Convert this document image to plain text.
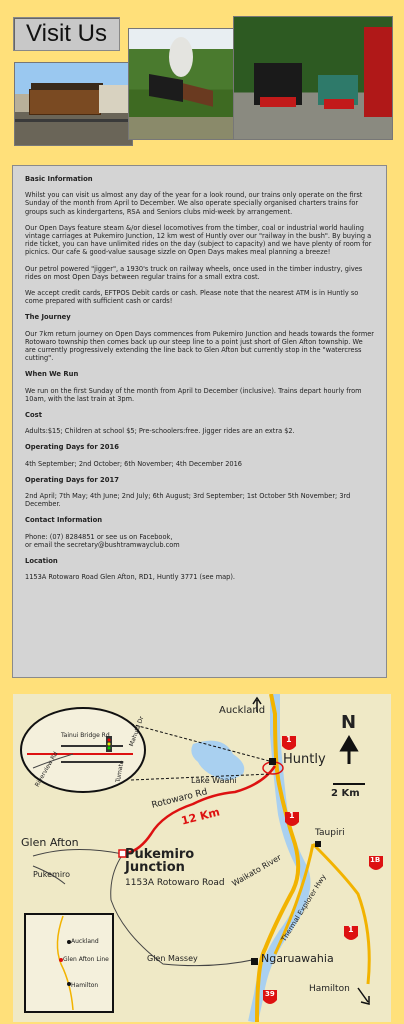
Visit Us
Basic Information

Whilst you can visit us almost any day of the year for a look round, our trains only operate on the first Sunday of the month from April to December. We also operate specially organised charters trains for groups such as kindergartens, RSA and Seniors clubs mid-week by arrangement.

Our Open Days feature steam &/or diesel locomotives from the timber, coal or industrial world hauling vintage carriages at Pukemiro Junction, 12 km west of Huntly over our "railway in the bush". By buying a ride ticket, you can have unlimited rides on the day (subject to capacity) and we have plenty of room for picnics. Our cafe & good-value sausage sizzle on Open Days makes meal planning a breeze!

Our petrol powered "jigger", a 1930's truck on railway wheels, once used in the timber industry, gives rides on most Open Days between regular trains for a small extra cost.

We accept credit cards, EFTPOS Debit cards or cash. Please note that the nearest ATM is in Huntly so come prepared with sufficient cash or cards!

The Journey

Our 7km return journey on Open Days commences from Pukemiro Junction and heads towards the former Rotowaro township then comes back up our steep line to a point just short of Glen Afton township. We are currently progressively extending the line back to Glen Afton but currently stop in the "watercress cutting".

When We Run

We run on the first Sunday of the month from April to December (inclusive). Trains depart hourly from 10am, with the last train at 3pm.

Cost

Adults:$15; Children at school $5; Pre-schoolers:free. Jigger rides are an extra $2.

Operating Days for 2016

4th September; 2nd October; 6th November; 4th December 2016

Operating Days for 2017

2nd April; 7th May; 4th June; 2nd July; 6th August; 3rd September; 1st October 5th November; 3rd December.

Contact Information

Phone: (07) 8284851 or see us on Facebook,

or email the secretary@bushtramwayclub.com

Location

1153A Rotowaro Road Glen Afton, RD1, Huntly 3771 (see map).

Auckland
Huntly
Lake Waahi
Rotowaro Rd
12 Km
Glen Afton
Pukemiro
Pukemiro
Junction
1153A Rotowaro Road Waikato River
Thermal Explorer Hwy
Taupiri
Ngaruawahia
Hamilton
Glen Massey
2 Km
N
Tainui Bridge Rd
Riverview Rd
Mahuta Dr
Tumate
Auckland
Glen Afton Line
Hamilton
1
1
1
1B
39
